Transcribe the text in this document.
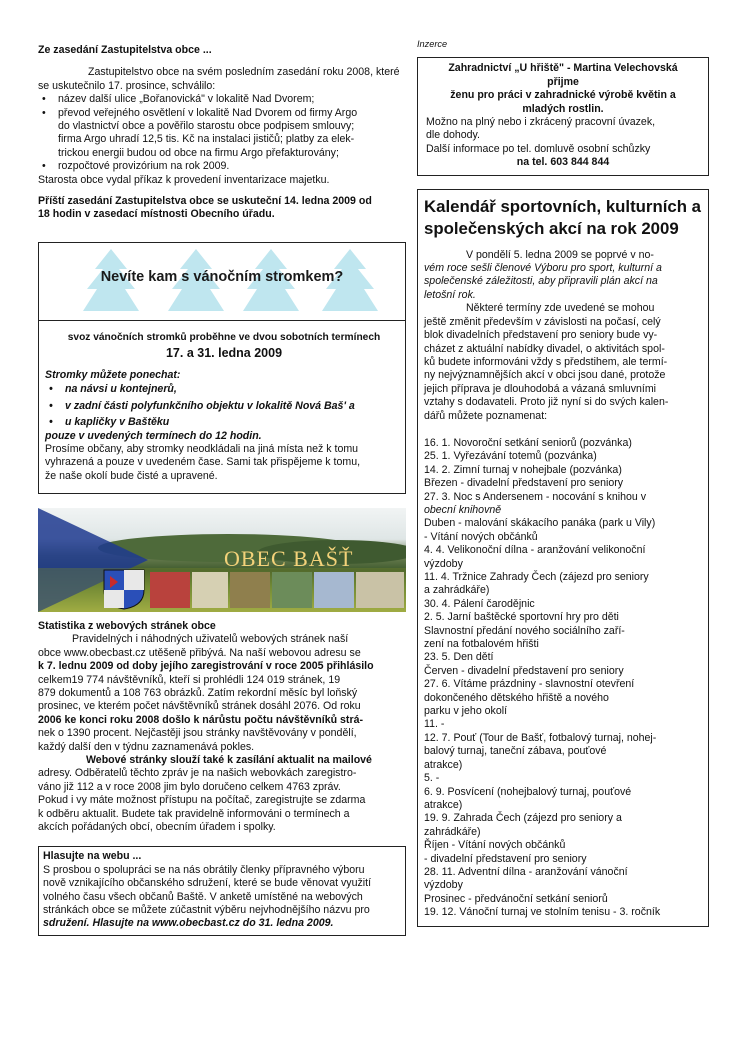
Ze zasedání Zastupitelstva obce ...
Zastupitelstvo obce na svém posledním zasedání roku 2008, které se uskutečnilo 17. prosince, schválilo:
• název další ulice „Bořanovická" v lokalitě Nad Dvorem;
• převod veřejného osvětlení v lokalitě Nad Dvorem od firmy Argo
do vlastnictví obce a pověřilo starostu obce podpisem smlouvy;
firma Argo uhradí 12,5 tis. Kč na instalaci jističů; platby za elek-
trickou energii budou od obce na firmu Argo přefakturovány;
• rozpočtové provizórium na rok 2009.
Starosta obce vydal příkaz k provedení inventarizace majetku.
Příští zasedání Zastupitelstva obce se uskuteční 14. ledna 2009 od
18 hodin v zasedací místnosti Obecního úřadu.
Nevíte kam s vánočním stromkem?
svoz vánočních stromků proběhne ve dvou sobotních termínech
17. a 31. ledna 2009
Stromky můžete ponechat:
• na návsi u kontejnerů,
• v zadní části polyfunkčního objektu v lokalitě Nová Baš' a
• u kapličky v Baštěku
pouze v uvedených termínech do 12 hodin.
Prosíme občany, aby stromky neodkládali na jiná místa než k tomu
vyhrazená a pouze v uvedeném čase. Sami tak přispějeme k tomu,
že naše okolí bude čisté a upravené.
OBEC BAŠŤ
Statistika z webových stránek obce
Pravidelných i náhodných uživatelů webových stránek naší
obce www.obecbast.cz utěšeně přibývá. Na naší webovou adresu se
k 7. lednu 2009 od doby jejího zaregistrování v roce 2005 přihlásilo
celkem19 774 návštěvníků, kteří si prohlédli 124 019 stránek, 19
879 dokumentů a 108 763 obrázků. Zatím rekordní měsíc byl loňský
prosinec, ve kterém počet návštěvníků stránek dosáhl 2076. Od roku
2006 ke konci roku 2008 došlo k nárůstu počtu návštěvníků strá-
nek o 1390 procent. Nejčastěji jsou stránky navštěvovány v pondělí,
každý další den v týdnu zaznamenává pokles.
Webové stránky slouží také k zasílání aktualit na mailové
adresy. Odběratelů těchto zpráv je na našich webovkách zaregistro-
váno již 112 a v roce 2008 jim bylo doručeno celkem 4763 zpráv.
Pokud i vy máte možnost přístupu na počítač, zaregistrujte se zdarma
k odběru aktualit. Budete tak pravidelně informováni o termínech a
akcích pořádaných obcí, obecním úřadem i spolky.
Hlasujte na webu ...
S prosbou o spolupráci se na nás obrátily členky přípravného výboru
nově vznikajícího občanského sdružení, které se bude věnovat využití
volného času všech občanů Baště. V anketě umístěné na webových
stránkách obce se můžete zúčastnit výběru nejvhodnějšího názvu pro
sdružení. Hlasujte na www.obecbast.cz do 31. ledna 2009.
Inzerce
Zahradnictví „U hřiště" - Martina Velechovská
přijme
ženu pro práci v zahradnické výrobě květin a
mladých rostlin.
Možno na plný nebo i zkrácený pracovní úvazek,
dle dohody.
Další informace po tel. domluvě osobní schůzky
na tel. 603 844 844
Kalendář sportovních, kulturních a
společenských akcí na rok 2009
V pondělí 5. ledna 2009 se poprvé v no-
vém roce sešli členové Výboru pro sport, kulturní a
společenské záležitosti, aby připravili plán akcí na
letošní rok.
Některé termíny zde uvedené se mohou
ještě změnit především v závislosti na počasí, celý
blok divadelních představení pro seniory bude vy-
cházet z aktuální nabídky divadel, o aktivitách spol-
ků budete informováni vždy s předstihem, ale termí-
ny nejvýznamnějších akcí v obci jsou dané, protože
jejich příprava je dlouhodobá a vázaná smluvními
vztahy s dodavateli. Proto již nyní si do svých kalen-
dářů můžete poznamenat:
16. 1. Novoroční setkání seniorů (pozvánka)
25. 1. Vyřezávání totemů (pozvánka)
14. 2. Zimní turnaj v nohejbale (pozvánka)
Březen - divadelní představení pro seniory
27. 3. Noc s Andersenem - nocování s knihou v
obecní knihovně
Duben - malování skákacího panáka (park u Vily)
- Vítání nových občánků
4. 4. Velikonoční dílna - aranžování velikonoční
výzdoby
11. 4. Tržnice Zahrady Čech (zájezd pro seniory
a zahrádkáře)
30. 4. Pálení čarodějnic
2. 5. Jarní baštěcké sportovní hry pro děti
Slavnostní předání nového sociálního zaří-
zení na fotbalovém hřišti
23. 5. Den dětí
Červen - divadelní představení pro seniory
27. 6. Vítáme prázdniny - slavnostní otevření
dokončeného dětského hřiště a nového
parku v jeho okolí
11. -
12. 7. Pouť (Tour de Bašť, fotbalový turnaj, nohej-
balový turnaj, taneční zábava, pouťové
atrakce)
5. -
6. 9. Posvícení (nohejbalový turnaj, pouťové
atrakce)
19. 9. Zahrada Čech (zájezd pro seniory a
zahrádkáře)
Říjen - Vítání nových občánků
- divadelní představení pro seniory
28. 11. Adventní dílna - aranžování vánoční
výzdoby
Prosinec - předvánoční setkání seniorů
19. 12. Vánoční turnaj ve stolním tenisu - 3. ročník
